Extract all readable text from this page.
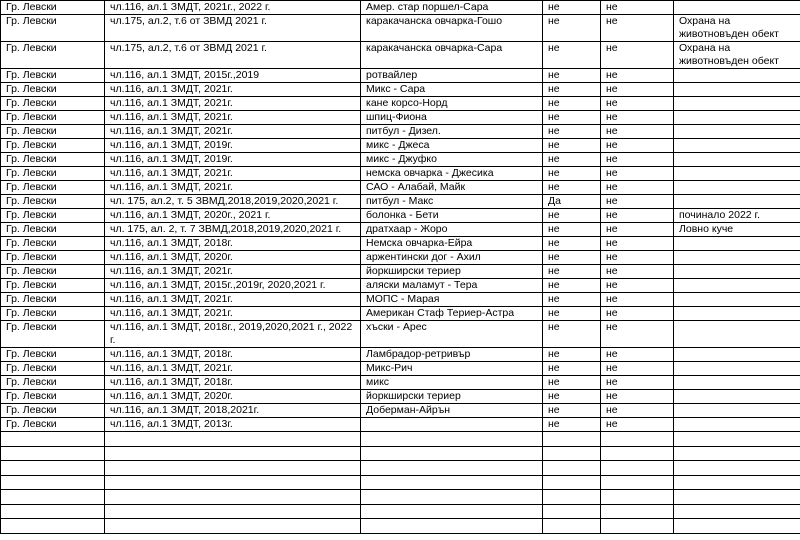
Гр. Левски	чл.116, ал.1 ЗМДТ, 2021г., 2022 г.	Амер. стар поршел-Сара	не	не	
Гр. Левски	чл.175, ал.2, т.6 от ЗВМД 2021 г.	каракачанска овчарка-Гошо	не	не	Охрана на животновъден обект
Гр. Левски	чл.175, ал.2, т.6 от ЗВМД 2021 г.	каракачанска овчарка-Сара	не	не	Охрана на животновъден обект
Гр. Левски	чл.116, ал.1 ЗМДТ, 2015г.,2019	ротвайлер	не	не	
Гр. Левски	чл.116, ал.1 ЗМДТ, 2021г.	Микс - Сара	не	не	
Гр. Левски	чл.116, ал.1 ЗМДТ, 2021г.	кане корсо-Норд	не	не	
Гр. Левски	чл.116, ал.1 ЗМДТ, 2021г.	шпиц-Фиона	не	не	
Гр. Левски	чл.116, ал.1 ЗМДТ, 2021г.	питбул - Дизел.	не	не	
Гр. Левски	чл.116, ал.1 ЗМДТ, 2019г.	микс - Джеса	не	не	
Гр. Левски	чл.116, ал.1 ЗМДТ, 2019г.	микс - Джуфко	не	не	
Гр. Левски	чл.116, ал.1 ЗМДТ, 2021г.	немска овчарка - Джесика	не	не	
Гр. Левски	чл.116, ал.1 ЗМДТ, 2021г.	САО - Алабай, Майк	не	не	
Гр. Левски	чл. 175, ал.2, т. 5 ЗВМД,2018,2019,2020,2021 г.	питбул - Макс	Да	не	
Гр. Левски	чл.116, ал.1 ЗМДТ, 2020г., 2021 г.	болонка - Бети	не	не	починало 2022 г.
Гр. Левски	чл. 175, ал. 2, т. 7 ЗВМД,2018,2019,2020,2021 г.	дратхаар - Жоро	не	не	Ловно куче
Гр. Левски	чл.116, ал.1 ЗМДТ, 2018г.	Немска овчарка-Ейра	не	не	
Гр. Левски	чл.116, ал.1 ЗМДТ, 2020г.	аржентински дог - Ахил	не	не	
Гр. Левски	чл.116, ал.1 ЗМДТ, 2021г.	йоркширски териер	не	не	
Гр. Левски	чл.116, ал.1 ЗМДТ, 2015г.,2019г, 2020,2021 г.	аляски маламут - Тера	не	не	
Гр. Левски	чл.116, ал.1 ЗМДТ, 2021г.	МОПС - Марая	не	не	
Гр. Левски	чл.116, ал.1 ЗМДТ, 2021г.	Американ Стаф Териер-Астра	не	не	
Гр. Левски	чл.116, ал.1 ЗМДТ, 2018г., 2019,2020,2021 г., 2022 г.	хъски - Арес	не	не	
Гр. Левски	чл.116, ал.1 ЗМДТ, 2018г.	Ламбрадор-ретривър	не	не	
Гр. Левски	чл.116, ал.1 ЗМДТ, 2021г.	Микс-Рич	не	не	
Гр. Левски	чл.116, ал.1 ЗМДТ, 2018г.	микс	не	не	
Гр. Левски	чл.116, ал.1 ЗМДТ, 2020г.	йоркширски териер	не	не	
Гр. Левски	чл.116, ал.1 ЗМДТ, 2018,2021г.	Доберман-Айрън	не	не	
Гр. Левски	чл.116, ал.1 ЗМДТ, 2013г.		не	не	
